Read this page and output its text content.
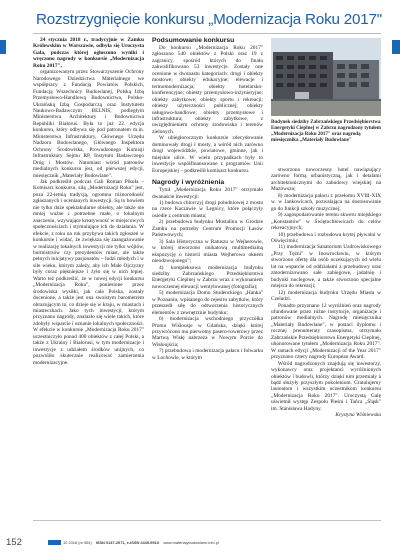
Rozstrzygnięcie konkursu „Modernizacja Roku 2017"

24 stycznia 2018 r., tradycyjnie w Zamku Królewskim w Warszawie, odbyła się Uroczysta Gala, podczas której ogłoszono wyniki i wręczono nagrody w konkursie „Modernizacja Roku 2017",

organizowanym przez Stowarzyszenie Ochrony Narodowego Dziedzictwa Materialnego we współpracy z Fundacją Powiatów Polskich, Fundacją Wszechnicy Budowlanej, Polską Izbą Przemysłowo-Handlową Budownictwa, Polsko-Ukraińską Izbą Gospodarczą oraz Instytutem Naukowo-Badawczym BELNIS, podległym Ministerstwu Architektury i Budownictwa Republiki Białoruś. Była to już 22. edycja konkursu, który odbywa się pod patronatem m.in. Ministerstwa Infrastruktury, Głównego Urzędu Nadzoru Budowlanego, Głównego Inspektora Ochrony Środowiska, Prowadzonego Komisji Infrastruktury Sejmu RP, Instytutu Badawczego Dróg i Mostów. Natomiast wśród patronów medialnych konkursu jest, od pierwszej edycji, miesięcznik „Materiały Budowlane".

Jak podkreślił podczas Gali Roman Pikuła – Komisarz konkursu, siłą „Modernizacji Roku" jest, poza 22-letnią tradycją, ogromna różnorodność zgłaszanych i ocenianych inwestycji. Są to bowiem nie tylko duże spektakularne obiekty, ale także nie mniej ważne i potrzebne małe, o lokalnym znaczeniu, wzywające kreatywność w miejscowych społecznościach i stymulujące ich do działania. W efekcie, z roku na rok przybywa takich zgłoszeń w konkursie i widać, że zwiększa się zaangażowanie w realizację lokalnych inwestycji nie tylko wójtów, burmistrzów czy prezydentów miast, ale także pełnych inicjatywy pasjonatów – ludzi młodych i w sile wieku, którym zależy, aby ich Małe Ojczyzny były coraz piękniejsze i żyło się w nich lepiej. Warto też podkreślić, że w nowej edycji konkursu „Modernizacja Roku", poniesione przez środowiska wysiłki, jak cała Polska, zostały docenione, a także jest ona swoistym barometrem obrazującym to, co dzieje się w kraju, w miastach i miasteczkach. Jako tych inwestycji, którym przyznano nagrody, znalazło się wiele takich, które zdobyły wsparcie i uznanie lokalnych społeczności. W efekcie w konkursie „Modernizacja Roku 2017" uczestniczyło ponad 400 obiektów z całej Polski, a także z Ukrainy i Białorusi, w tym modernizacje i inwestycje z udziałem środków unijnych, co pozwoliło skutecznie realizować zamierzenia modernizacyjne.

Podsumowanie konkursu

Do konkursu „Modernizacja Roku 2017" zgłoszono 540 obiektów z Polski oraz 19 z zagranicy, spośród których do finału zakwalifikowano 53 inwestycje. Zostały one ocenione w dwunastu kategoriach: drogi i obiekty mostowe; obiekty edukacyjne; elewacje i termomodernizacja; obiekty hotelarsko-konferencyjne; obiekty przemysłowo-inżynieryjne; obiekty zabytkowe; obiekty sportu i rekreacji; obiekty użyteczności publicznej; obiekty usługowo-handlowe; obiekty przemysłowe i infrastruktura; obiekty zabytkowe, z uwzględnieniem ochrony środowiska i terenów zielonych.

W ubiegłorocznym konkursie zdecydowanie dominowały drogi i mosty, a wśród nich zarówno drogi wojewódzkie, powiatowe, gminne, jak i miejskie ulice. W wielu przypadkach były to inwestycje współfinansowane z programów Unii Europejskiej – podkreślił komisarz konkursu.

Nagrody i wyróżnienia

Tytuł „Modernizacja Roku 2017" otrzymało dwanaście inwestycji:

1) budowa chlorczyj drogi południowej z mostu na rzece Kaczawie w Legnicy, które połączyły osiedle z centrum miasta;

2) przebudowa budynku Mustalinu w Grodzie Zamku na potrzeby Centrum Promocji Łasów Państwowych;

3) Sala Historyczna w Ratuszu w Wejherowie, w której stworzono unikatową multimedialną ekspozycję o historii miasta Wejherowo oknem nieodzwojonego";

4) kompleksowa modernizacja budynku siedziby Zabrzańskiego Przedsiębiorstwa Energetyki Cieplnej w Zabrzu wraz z wykonaniem nowoczesnej elewacji wentylowanej (fotografia);

5) modernizacja Domu Studenckiego „Hanka" w Poznaniu, wpisanego do rejestru zabytków, który przeszedł siłę do odtworzenia historycznych elementów z zewnętrznie budynku;

6) modernizacja wschodniego przyczółka Promu Wiślousje w Gdańska, dzięki której przywrócono mu pierwotny pasero-rowerowy przez Martwą Wisłę nabrzeża w Nowym Porcie do Wisłoujścia;

7) przebudowa i modernizacja pałacu i folwarku w Lochowie, w którym

Budynek siedziby Zabrzańskiego Przedsiębiorstwa Energetyki Cieplnej w Zabrzu nagrodzony tytułem „Modernizacja Roku 2017" oraz nagrodą miesięcznika „Materiały Budowlane"

stworzono nowoczesny hotel nawiązujący zarówno formą urbanistyczną, jak i detalami architektonicznymi do zabudowy wiejskiej na Mazowszu;

8) modernizacja pałacu z przełomu XVIII-XIX w. w Jankowicach, pozwalająca na dostosowanie go do funkcji szkoły muzycznej;

9) zagospodarowanie terenu skweru miejskiego „Konstantów" w Świętochłowicach do celów rekreacyjnych;

10) przebudowa i rozbudowa krytej pływalni w Oświęcimiu;

11) modernizacja Sanatorium Uzdrowiskowego „Przy Tężni" w Inowrocławiu, w którym stworzono ofertę dla osób oczekujących od wielu lat na wsparcie od oddziałami z przebudowy oraz zmodernizowano sale zabiegowe, jadalnię i budynki noclegowe, a także stworzono specjalne miejsca do rekreacji;

12) modernizacja budynku Urzędu Miasta w Czeladzi.

Ponadto przyznano 12 wyróżnień oraz nagrody ufundowane przez różne instytucje, organizacje i patronów medialnych. Nagrodę miesięcznika „Materiały Budowlane", w postaci dyplomu i rocznej prenumeraty czasopisma, otrzymało Zabrzańskie Przedsiębiorstwo Energetyki Cieplnej, uhonorowane tytułem „Modernizacja Roku 2017". W ramach edycji „Modernizacji of the Year 2017" przyznano cztery nagrody European Award.

Wśród nagrodzonych znajdują się inwestorzy, wykonawcy oraz projektanci wyróżnionych obiektów i budowli, którzy dzięki nim przemiały à bądź służyły przyszłym pokoleniom. Gratulujemy laureatom i wszystkim uczestnikom konkursu „Modernizacja Roku 2017". Uroczystą Galę uświetnił występ Zespołu Pieśni i Tańca „Śląsk" im. Stanisława Hadyny.

Krystyna Wiśniewska

152	10 2018 (nr 554) ISSN 0137-2971, e-ISSN 2449-951X www.materialybudowlane.info.pl
